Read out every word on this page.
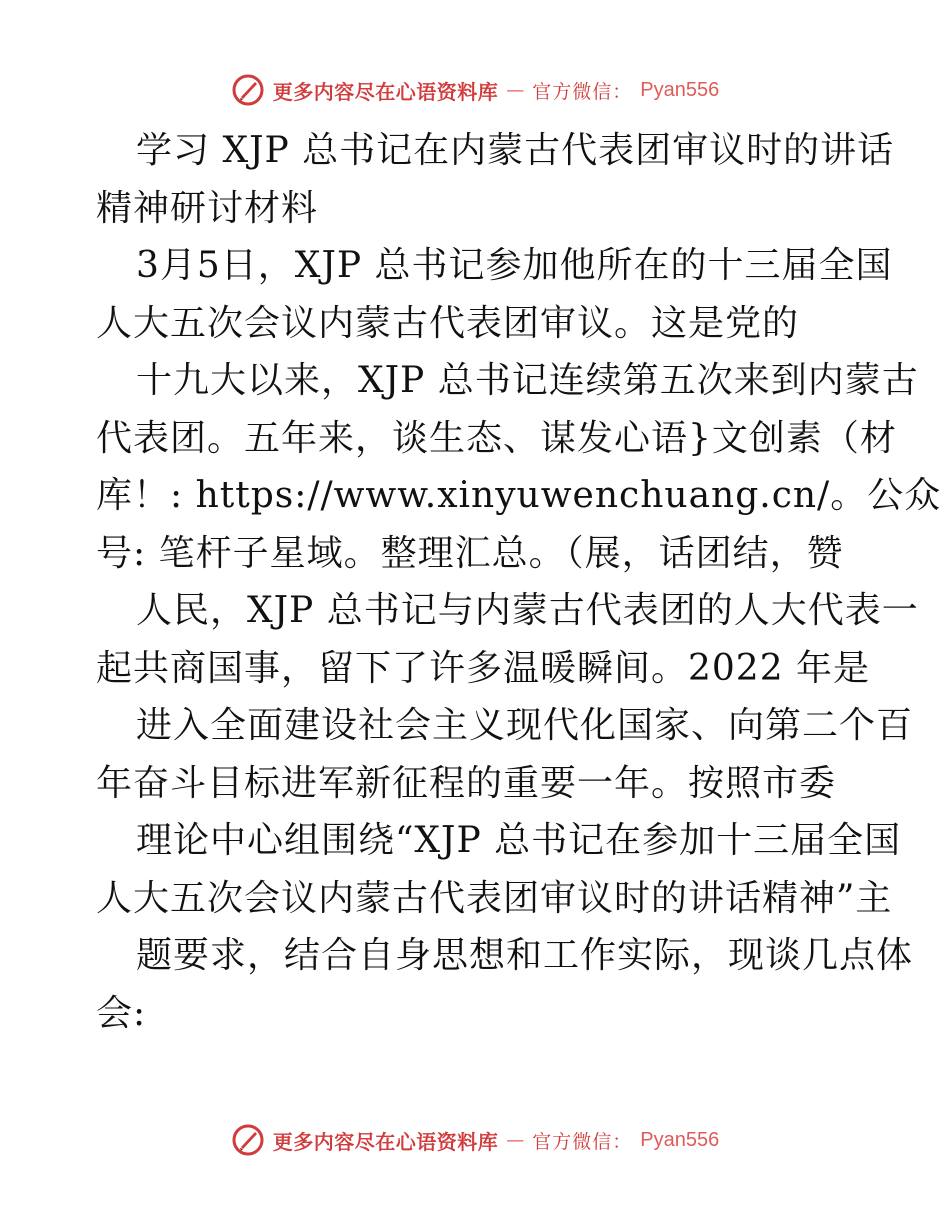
更多内容尽在心语资料库 — 官方微信： Pyan556
学习 XJP 总书记在内蒙古代表团审议时的讲话
精神研讨材料
3月5日，XJP 总书记参加他所在的十三届全国
人大五次会议内蒙古代表团审议。这是党的
十九大以来，XJP 总书记连续第五次来到内蒙古
代表团。五年来，谈生态、谋发心语}文创素（材
库！: https://www.xinyuwenchuang.cn/。公众
号: 笔杆子星域。整理汇总。（展，话团结，赞
人民，XJP 总书记与内蒙古代表团的人大代表一
起共商国事，留下了许多温暖瞬间。2022 年是
进入全面建设社会主义现代化国家、向第二个百
年奋斗目标进军新征程的重要一年。按照市委
理论中心组围绕“XJP 总书记在参加十三届全国
人大五次会议内蒙古代表团审议时的讲话精神”主
题要求，结合自身思想和工作实际，现谈几点体
会:
更多内容尽在心语资料库 — 官方微信： Pyan556
